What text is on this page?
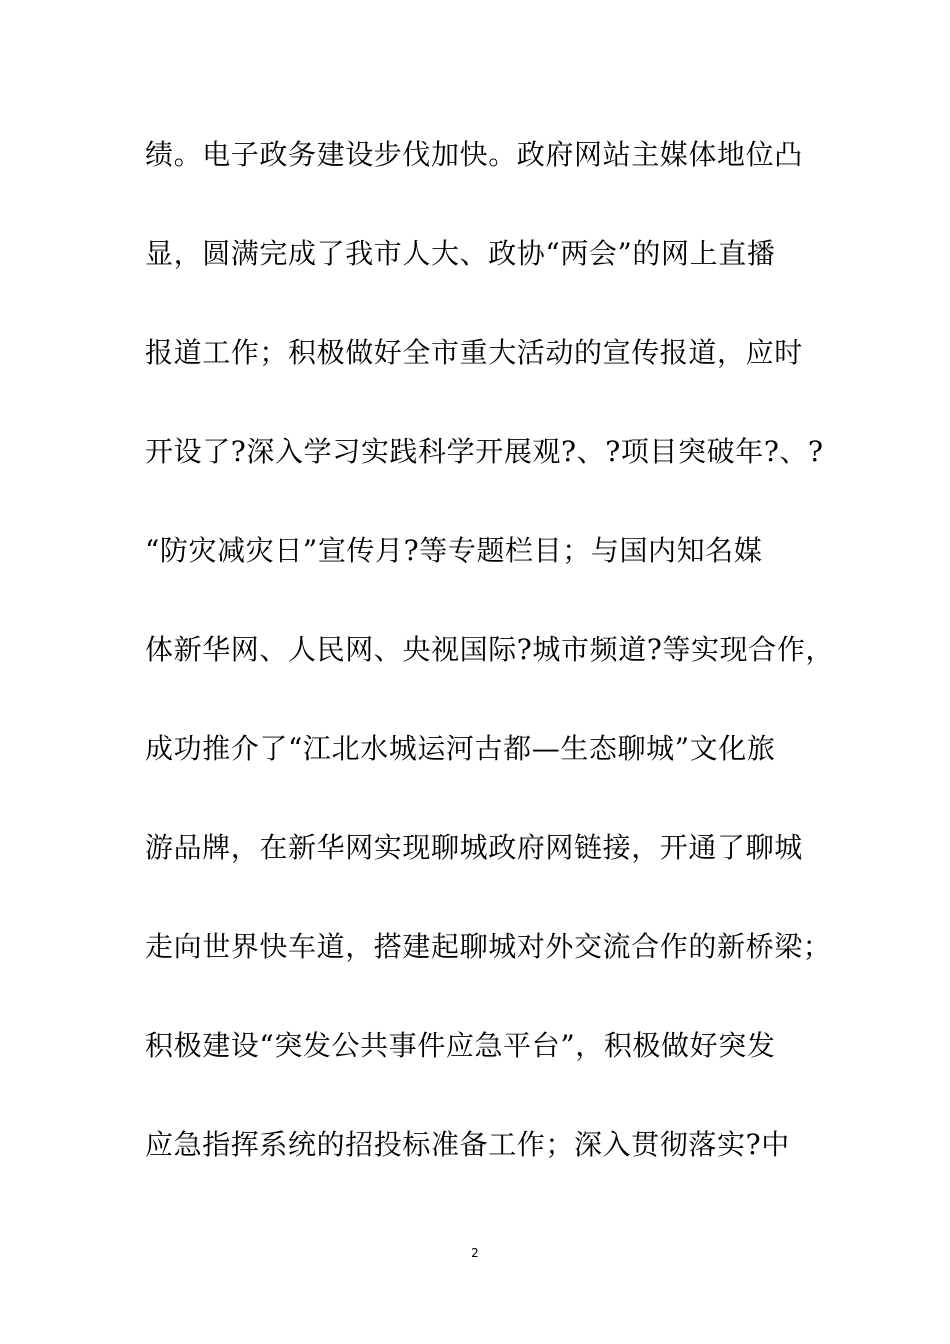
绩。电子政务建设步伐加快。政府网站主媒体地位凸
显，圆满完成了我市人大、政协“两会”的网上直播
报道工作；积极做好全市重大活动的宣传报道，应时
开设了?深入学习实践科学开展观?、?项目突破年?、?
“防灾减灾日”宣传月?等专题栏目；与国内知名媒
体新华网、人民网、央视国际?城市频道?等实现合作，
成功推介了“江北水城运河古都—生态聊城”文化旅
游品牌，在新华网实现聊城政府网链接，开通了聊城
走向世界快车道，搭建起聊城对外交流合作的新桥梁；
积极建设“突发公共事件应急平台”，积极做好突发
应急指挥系统的招投标准备工作；深入贯彻落实?中
2
